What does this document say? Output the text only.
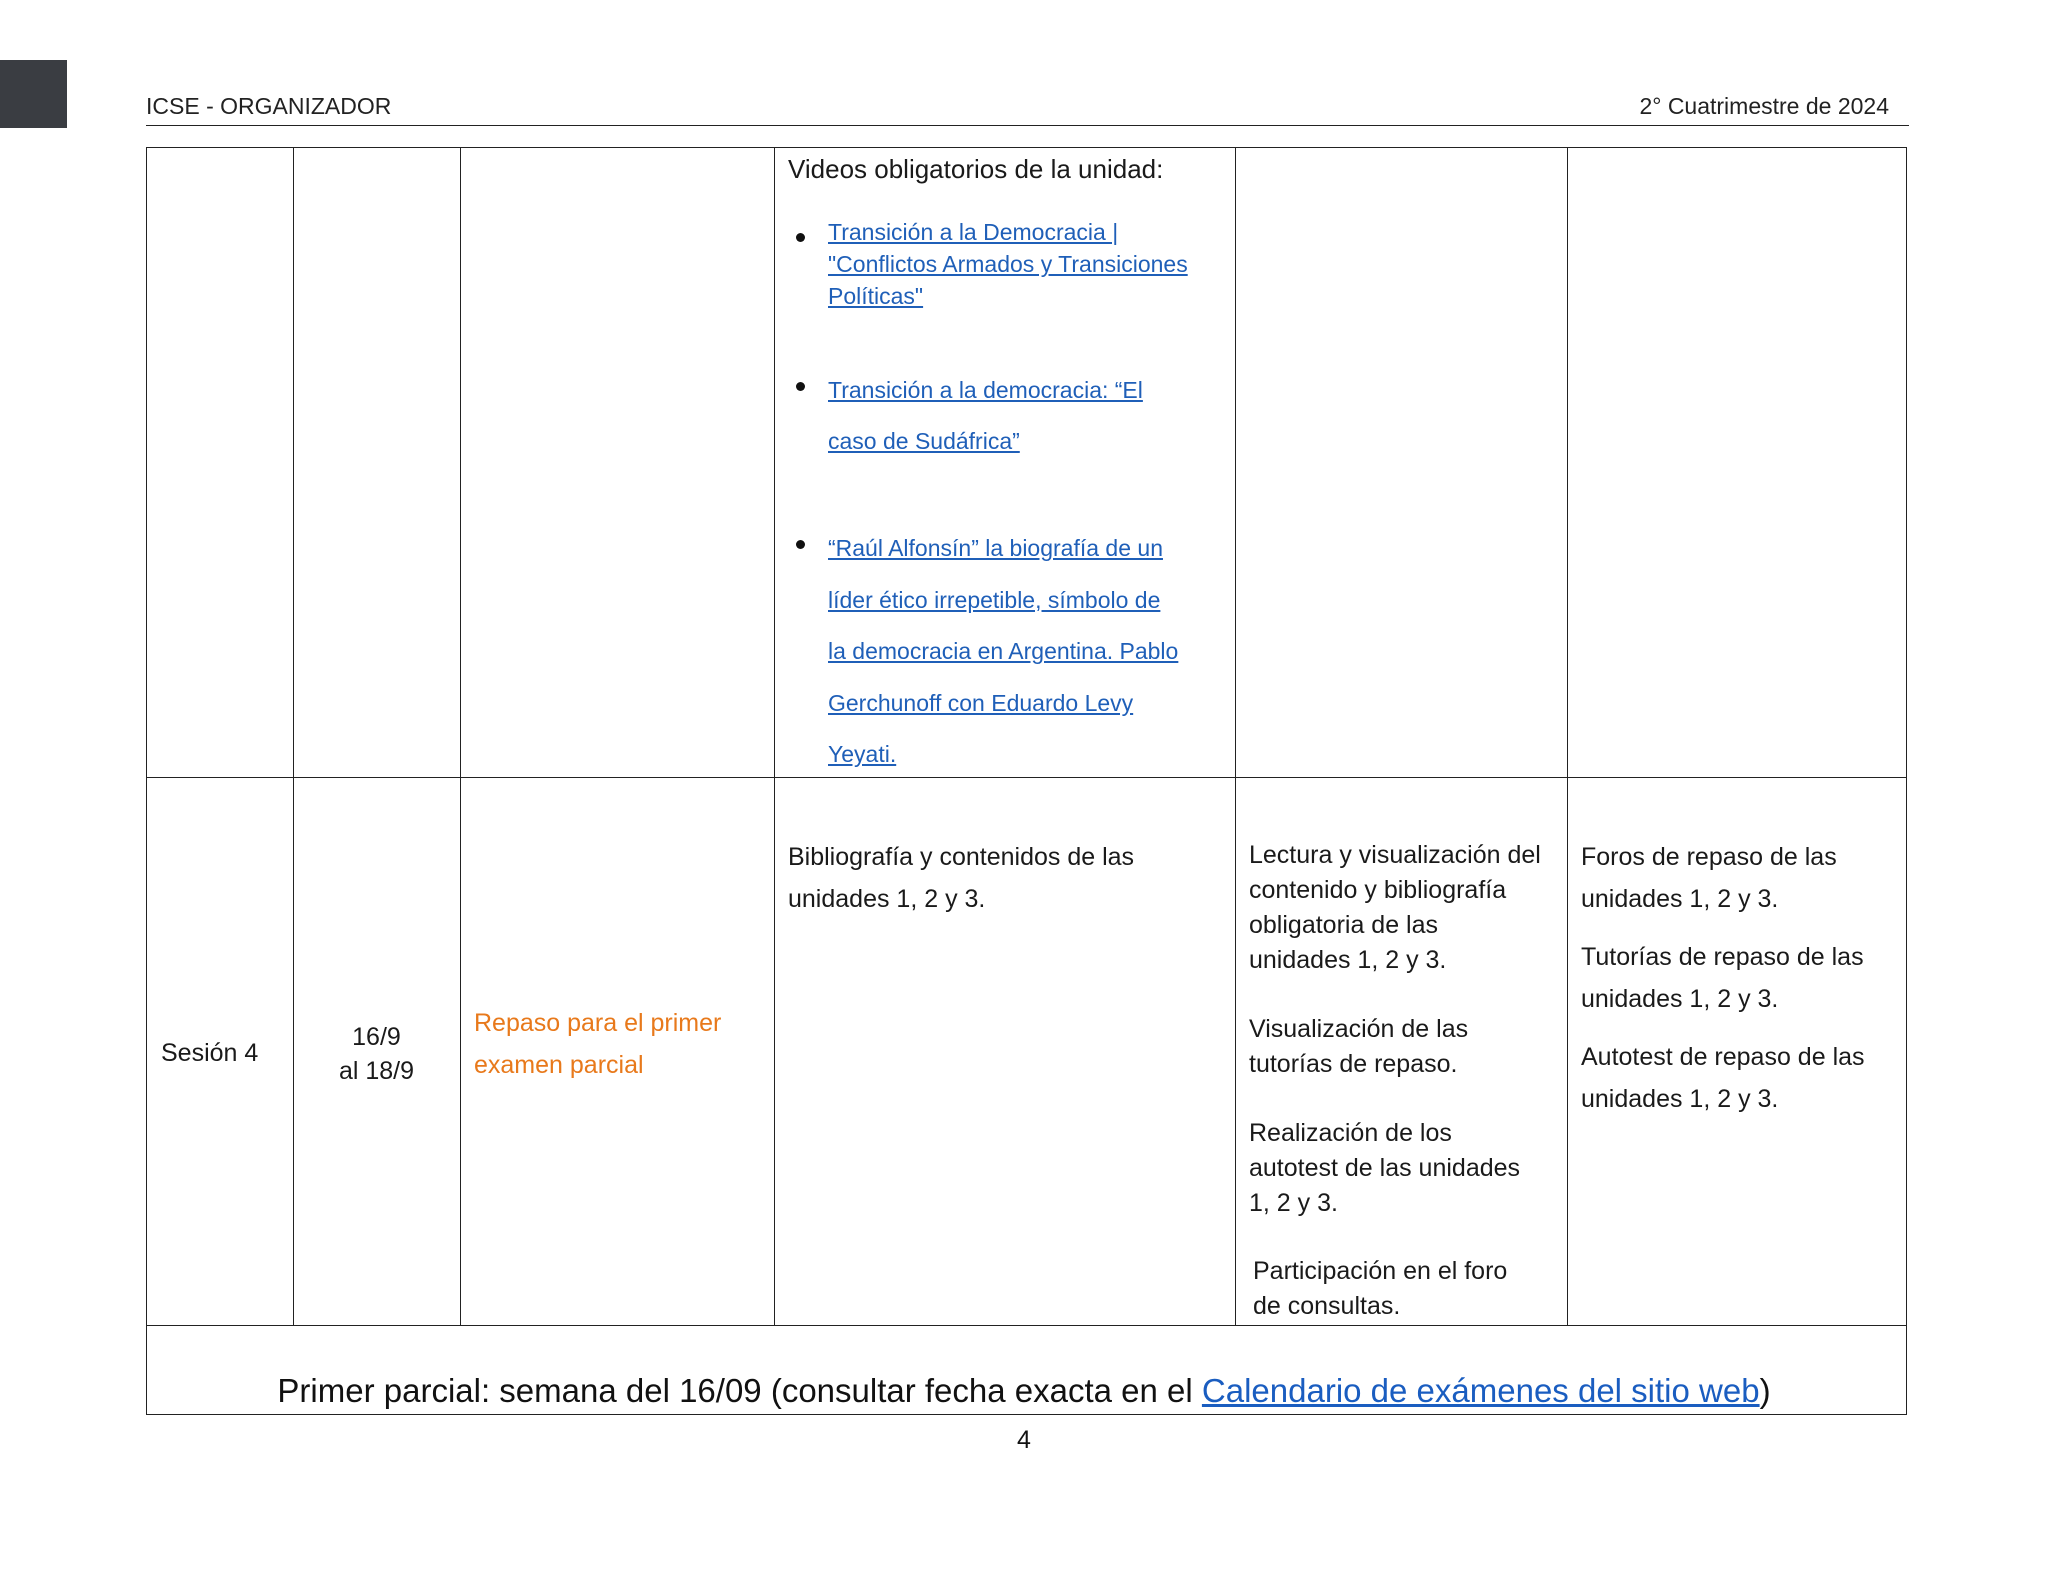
ICSE - ORGANIZADOR	2° Cuatrimestre de 2024
Videos obligatorios de la unidad:
Transición a la Democracia |
"Conflictos Armados y Transiciones
Políticas"
Transición a la democracia: “El
caso de Sudáfrica”
“Raúl Alfonsín” la biografía de un
líder ético irrepetible, símbolo de
la democracia en Argentina. Pablo
Gerchunoff con Eduardo Levy
Yeyati.
Sesión 4
16/9
al 18/9
Repaso para el primer
examen parcial
Bibliografía y contenidos de las
unidades 1, 2 y 3.
Lectura y visualización del
contenido y bibliografía
obligatoria de las
unidades 1, 2 y 3.
Visualización de las
tutorías de repaso.
Realización de los
autotest de las unidades
1, 2 y 3.
Participación en el foro
de consultas.
Foros de repaso de las
unidades 1, 2 y 3.
Tutorías de repaso de las
unidades 1, 2 y 3.
Autotest de repaso de las
unidades 1, 2 y 3.
Primer parcial: semana del 16/09 (consultar fecha exacta en el Calendario de exámenes del sitio web)
4
